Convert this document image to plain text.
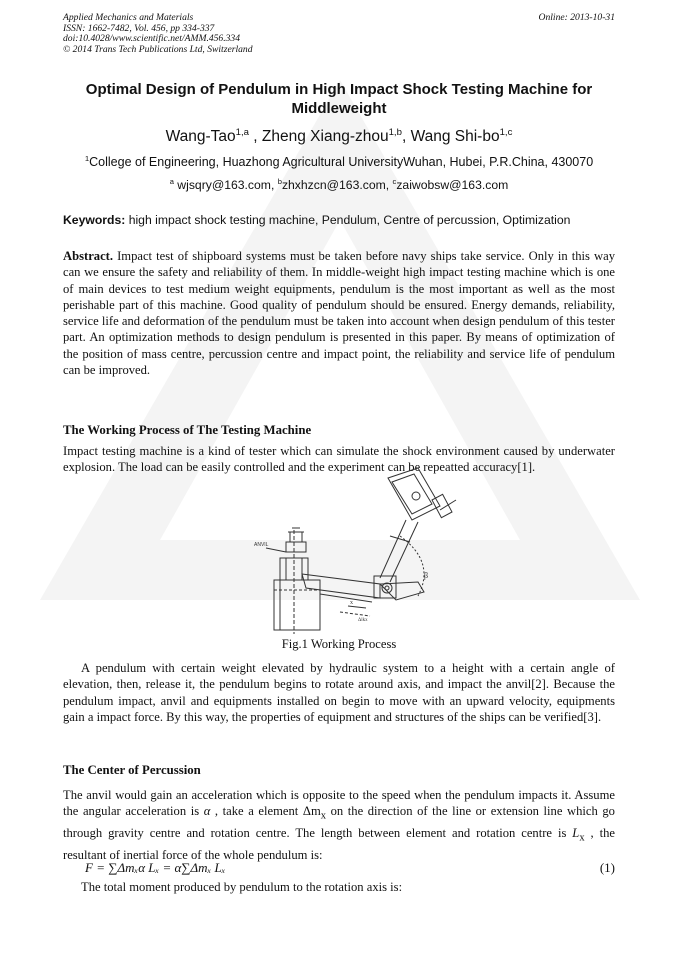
Applied Mechanics and Materials
ISSN: 1662-7482, Vol. 456, pp 334-337
doi:10.4028/www.scientific.net/AMM.456.334
© 2014 Trans Tech Publications Ltd, Switzerland
Online: 2013-10-31
Optimal Design of Pendulum in High Impact Shock Testing Machine for Middleweight
Wang-Tao$^{1,a}$ , Zheng Xiang-zhou$^{1,b}$, Wang Shi-bo$^{1,c}$
$^1$College of Engineering, Huazhong Agricultural UniversityWuhan, Hubei, P.R.China, 430070
$^a$ wjsqry@163.com, $^b$zhxhzcn@163.com, $^c$zaiwobsw@163.com
Keywords: high impact shock testing machine, Pendulum, Centre of percussion, Optimization
Abstract. Impact test of shipboard systems must be taken before navy ships take service. Only in this way can we ensure the safety and reliability of them. In middle-weight high impact testing machine which is one of main devices to test medium weight equipments, pendulum is the most important as well as the most perishable part of this machine. Good quality of pendulum should be ensured. Energy demands, reliability, service life and deformation of the pendulum must be taken into account when design pendulum of this tester part. An optimization methods to design pendulum is presented in this paper. By means of optimization of the position of mass centre, percussion centre and impact point, the reliability and service life of pendulum can be improved.
The Working Process of The Testing Machine
Impact testing machine is a kind of tester which can simulate the shock environment caused by underwater explosion. The load can be easily controlled and the experiment can be repeatted accuracy[1].
β
x
Δlkx
ANVIL
Fig.1 Working Process
A pendulum with certain weight elevated by hydraulic system to a height with a certain angle of elevation, then, release it, the pendulum begins to rotate around axis, and impact the anvil[2]. Because the pendulum impact, anvil and equipments installed on begin to move with an upward velocity, equipments gain a impact force. By this way, the properties of equipment and structures of the ships can be verified[3].
The Center of Percussion
The anvil would gain an acceleration which is opposite to the speed when the pendulum impacts it. Assume the angular acceleration is α , take a element $\Delta m_x$ on the direction of the line or extension line which go through gravity centre and rotation centre. The length between element and rotation centre is $L_x$ , the resultant of inertial force of the whole pendulum is:
F = ∑Δmₓα Lₓ = α∑Δmₓ Lₓ	(1)
The total moment produced by pendulum to the rotation axis is:
